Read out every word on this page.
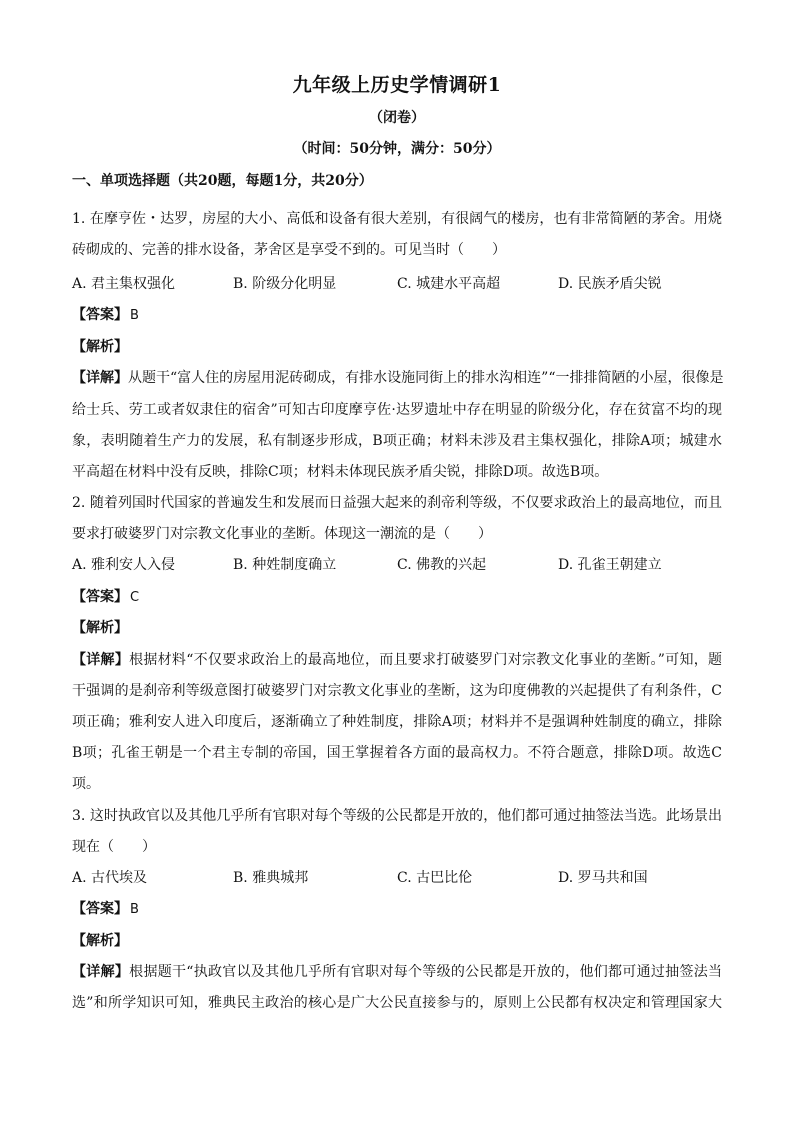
九年级上历史学情调研1
（闭卷）
（时间：50分钟，满分：50分）
一、单项选择题（共20题，每题1分，共20分）
1. 在摩亨佐・达罗，房屋的大小、高低和设备有很大差别，有很阔气的楼房，也有非常简陋的茅舍。用烧
砖砌成的、完善的排水设备，茅舍区是享受不到的。可见当时（　　）
A. 君主集权强化	B. 阶级分化明显	C. 城建水平高超	D. 民族矛盾尖锐
【答案】 B
【解析】
【详解】从题干“富人住的房屋用泥砖砌成，有排水设施同街上的排水沟相连”“一排排简陋的小屋，很像是
给士兵、劳工或者奴隶住的宿舍”可知古印度摩亨佐·达罗遗址中存在明显的阶级分化，存在贫富不均的现
象，表明随着生产力的发展，私有制逐步形成，B项正确；材料未涉及君主集权强化，排除A项；城建水
平高超在材料中没有反映，排除C项；材料未体现民族矛盾尖锐，排除D项。故选B项。
2. 随着列国时代国家的普遍发生和发展而日益强大起来的刹帝利等级，不仅要求政治上的最高地位，而且
要求打破婆罗门对宗教文化事业的垄断。体现这一潮流的是（　　）
A. 雅利安人入侵	B. 种姓制度确立	C. 佛教的兴起	D. 孔雀王朝建立
【答案】 C
【解析】
【详解】根据材料“不仅要求政治上的最高地位，而且要求打破婆罗门对宗教文化事业的垄断。”可知，题
干强调的是刹帝利等级意图打破婆罗门对宗教文化事业的垄断，这为印度佛教的兴起提供了有利条件，C
项正确；雅利安人进入印度后，逐渐确立了种姓制度，排除A项；材料并不是强调种姓制度的确立，排除
B项；孔雀王朝是一个君主专制的帝国，国王掌握着各方面的最高权力。不符合题意，排除D项。故选C
项。
3. 这时执政官以及其他几乎所有官职对每个等级的公民都是开放的，他们都可通过抽签法当选。此场景出
现在（　　）
A. 古代埃及	B. 雅典城邦	C. 古巴比伦	D. 罗马共和国
【答案】 B
【解析】
【详解】根据题干“执政官以及其他几乎所有官职对每个等级的公民都是开放的，他们都可通过抽签法当
选”和所学知识可知，雅典民主政治的核心是广大公民直接参与的，原则上公民都有权决定和管理国家大
